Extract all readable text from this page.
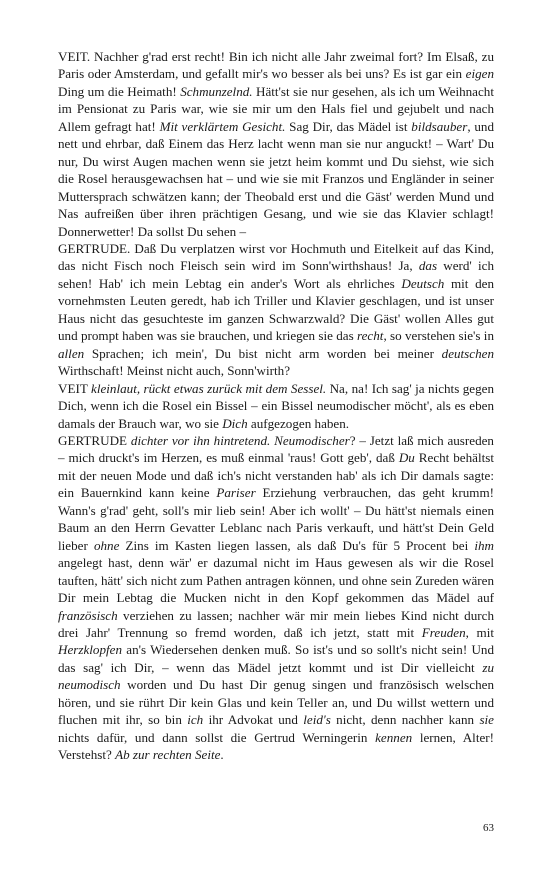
VEIT. Nachher g'rad erst recht! Bin ich nicht alle Jahr zweimal fort? Im Elsaß, zu Paris oder Amsterdam, und gefallt mir's wo besser als bei uns? Es ist gar ein eigen Ding um die Heimath! Schmunzelnd. Hätt'st sie nur gesehen, als ich um Weihnacht im Pensionat zu Paris war, wie sie mir um den Hals fiel und gejubelt und nach Allem gefragt hat! Mit verklärtem Gesicht. Sag Dir, das Mädel ist bildsauber, und nett und ehrbar, daß Einem das Herz lacht wenn man sie nur anguckt! – Wart' Du nur, Du wirst Augen machen wenn sie jetzt heim kommt und Du siehst, wie sich die Rosel herausgewachsen hat – und wie sie mit Franzos und Engländer in seiner Muttersprach schwätzen kann; der Theobald erst und die Gäst' werden Mund und Nas aufreißen über ihren prächtigen Gesang, und wie sie das Klavier schlagt! Donnerwetter! Da sollst Du sehen –

GERTRUDE. Daß Du verplatzen wirst vor Hochmuth und Eitelkeit auf das Kind, das nicht Fisch noch Fleisch sein wird im Sonn'wirthshaus! Ja, das werd' ich sehen! Hab' ich mein Lebtag ein ander's Wort als ehrliches Deutsch mit den vornehmsten Leuten geredt, hab ich Triller und Klavier geschlagen, und ist unser Haus nicht das gesuchteste im ganzen Schwarzwald? Die Gäst' wollen Alles gut und prompt haben was sie brauchen, und kriegen sie das recht, so verstehen sie's in allen Sprachen; ich mein', Du bist nicht arm worden bei meiner deutschen Wirthschaft! Meinst nicht auch, Sonn'wirth?

VEIT kleinlaut, rückt etwas zurück mit dem Sessel. Na, na! Ich sag' ja nichts gegen Dich, wenn ich die Rosel ein Bissel – ein Bissel neumodischer möcht', als es eben damals der Brauch war, wo sie Dich aufgezogen haben.

GERTRUDE dichter vor ihn hintretend. Neumodischer? – Jetzt laß mich ausreden – mich druckt's im Herzen, es muß einmal 'raus! Gott geb', daß Du Recht behältst mit der neuen Mode und daß ich's nicht verstanden hab' als ich Dir damals sagte: ein Bauernkind kann keine Pariser Erziehung verbrauchen, das geht krumm! Wann's g'rad' geht, soll's mir lieb sein! Aber ich wollt' – Du hätt'st niemals einen Baum an den Herrn Gevatter Leblanc nach Paris verkauft, und hätt'st Dein Geld lieber ohne Zins im Kasten liegen lassen, als daß Du's für 5 Procent bei ihm angelegt hast, denn wär' er dazumal nicht im Haus gewesen als wir die Rosel tauften, hätt' sich nicht zum Pathen antragen können, und ohne sein Zureden wären Dir mein Lebtag die Mucken nicht in den Kopf gekommen das Mädel auf französisch verziehen zu lassen; nachher wär mir mein liebes Kind nicht durch drei Jahr' Trennung so fremd worden, daß ich jetzt, statt mit Freuden, mit Herzklopfen an's Wiedersehen denken muß. So ist's und so sollt's nicht sein! Und das sag' ich Dir, – wenn das Mädel jetzt kommt und ist Dir vielleicht zu neumodisch worden und Du hast Dir genug singen und französisch welschen hören, und sie rührt Dir kein Glas und kein Teller an, und Du willst wettern und fluchen mit ihr, so bin ich ihr Advokat und leid's nicht, denn nachher kann sie nichts dafür, und dann sollst die Gertrud Werningerin kennen lernen, Alter! Verstehst? Ab zur rechten Seite.

63
